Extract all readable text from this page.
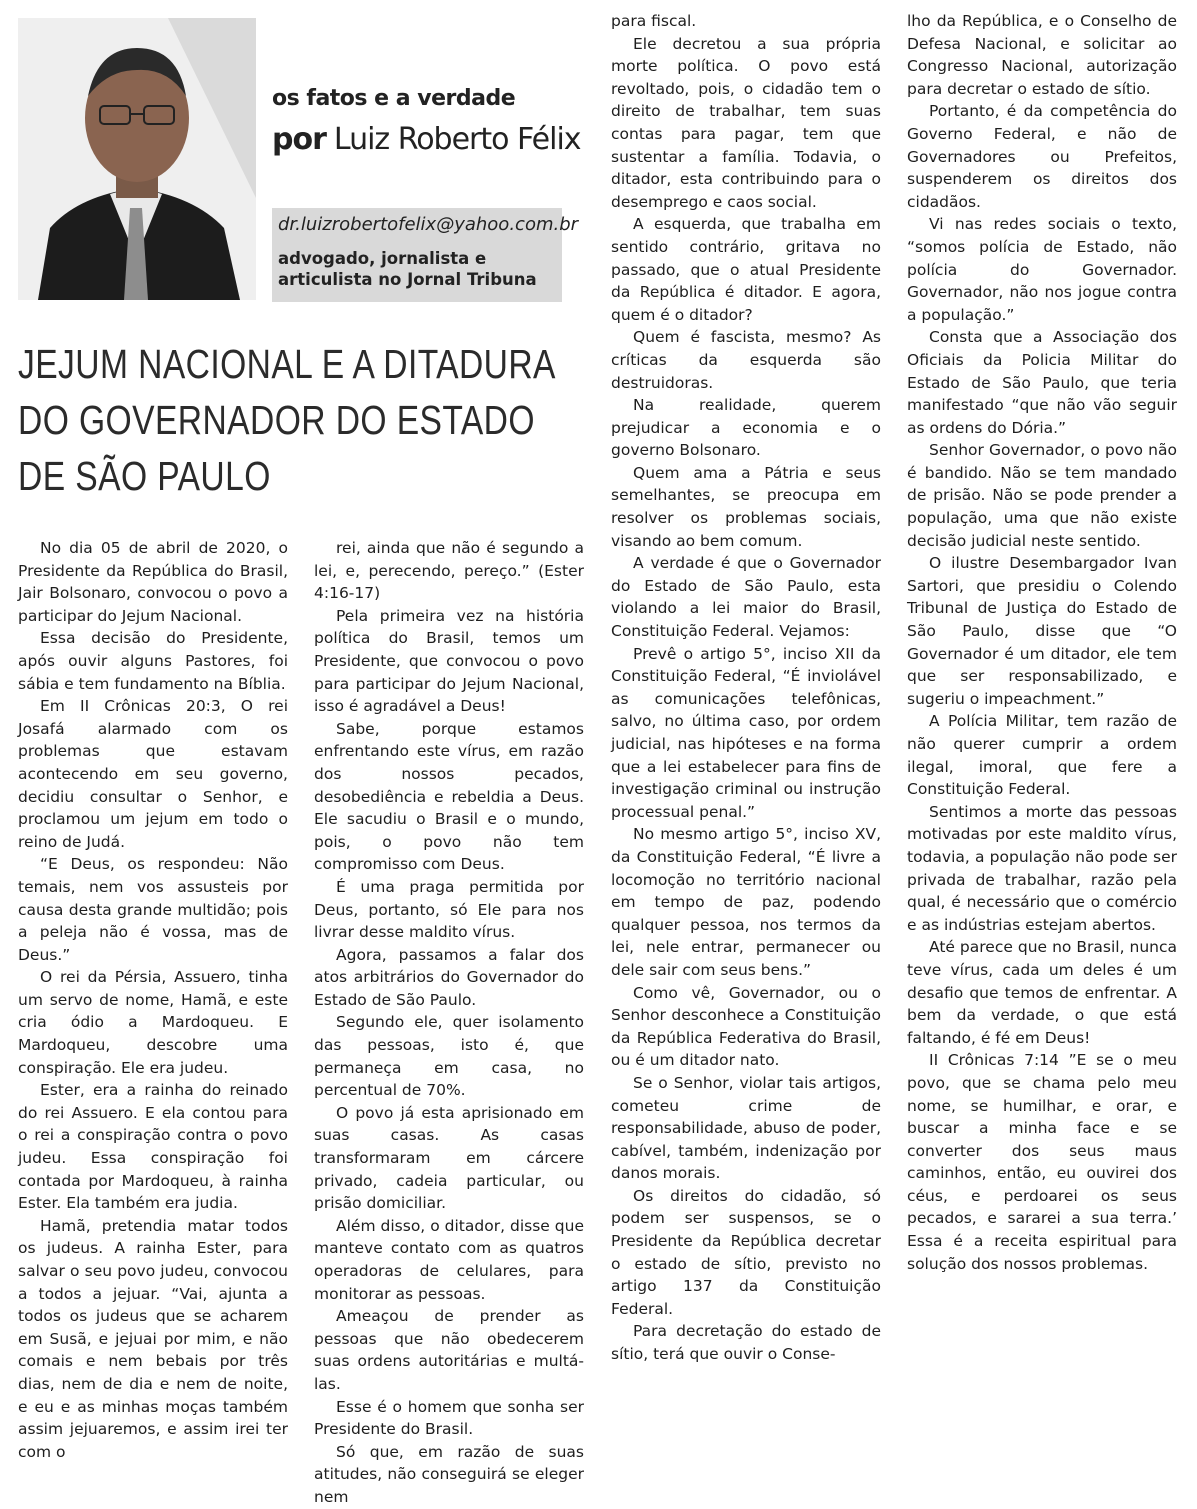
os fatos e a verdade
por Luiz Roberto Félix
dr.luizrobertofelix@yahoo.com.br
advogado, jornalista e articulista no Jornal Tribuna
JEJUM NACIONAL E A DITADURA
DO GOVERNADOR DO ESTADO
DE SÃO PAULO

No dia 05 de abril de 2020, o Presidente da República do Brasil, Jair Bolsonaro, convocou o povo a participar do Jejum Nacional.

Essa decisão do Presidente, após ouvir alguns Pastores, foi sábia e tem fundamento na Bíblia.

Em II Crônicas 20:3, O rei Josafá alarmado com os problemas que estavam acontecendo em seu governo, decidiu consultar o Senhor, e proclamou um jejum em todo o reino de Judá.

“E Deus, os respondeu: Não temais, nem vos assusteis por causa desta grande multidão; pois a peleja não é vossa, mas de Deus.”

O rei da Pérsia, Assuero, tinha um servo de nome, Hamã, e este cria ódio a Mardoqueu. E Mardoqueu, descobre uma conspiração. Ele era judeu.

Ester, era a rainha do reinado do rei Assuero. E ela contou para o rei a conspiração contra o povo judeu. Essa conspiração foi contada por Mardoqueu, à rainha Ester. Ela também era judia.

Hamã, pretendia matar todos os judeus. A rainha Ester, para salvar o seu povo judeu, convocou a todos a jejuar. “Vai, ajunta a todos os judeus que se acharem em Susã, e jejuai por mim, e não comais e nem bebais por três dias, nem de dia e nem de noite, e eu e as minhas moças também assim jejuaremos, e assim irei ter com o

rei, ainda que não é segundo a lei, e, perecendo, pereço.” (Ester 4:16-17)

Pela primeira vez na história política do Brasil, temos um Presidente, que convocou o povo para participar do Jejum Nacional, isso é agradável a Deus!

Sabe, porque estamos enfrentando este vírus, em razão dos nossos pecados, desobediência e rebeldia a Deus. Ele sacudiu o Brasil e o mundo, pois, o povo não tem compromisso com Deus.

É uma praga permitida por Deus, portanto, só Ele para nos livrar desse maldito vírus.

Agora, passamos a falar dos atos arbitrários do Governador do Estado de São Paulo.

Segundo ele, quer isolamento das pessoas, isto é, que permaneça em casa, no percentual de 70%.

O povo já esta aprisionado em suas casas. As casas transformaram em cárcere privado, cadeia particular, ou prisão domiciliar.

Além disso, o ditador, disse que manteve contato com as quatros operadoras de celulares, para monitorar as pessoas.

Ameaçou de prender as pessoas que não obedecerem suas ordens autoritárias e multá-las.

Esse é o homem que sonha ser Presidente do Brasil.

Só que, em razão de suas atitudes, não conseguirá se eleger nem

para fiscal.

Ele decretou a sua própria morte política. O povo está revoltado, pois, o cidadão tem o direito de trabalhar, tem suas contas para pagar, tem que sustentar a família. Todavia, o ditador, esta contribuindo para o desemprego e caos social.

A esquerda, que trabalha em sentido contrário, gritava no passado, que o atual Presidente da República é ditador. E agora, quem é o ditador?

Quem é fascista, mesmo? As críticas da esquerda são destruidoras.

Na realidade, querem prejudicar a economia e o governo Bolsonaro.

Quem ama a Pátria e seus semelhantes, se preocupa em resolver os problemas sociais, visando ao bem comum.

A verdade é que o Governador do Estado de São Paulo, esta violando a lei maior do Brasil, Constituição Federal. Vejamos:

Prevê o artigo 5°, inciso XII da Constituição Federal, “É inviolável as comunicações telefônicas, salvo, no última caso, por ordem judicial, nas hipóteses e na forma que a lei estabelecer para fins de investigação criminal ou instrução processual penal.”

No mesmo artigo 5°, inciso XV, da Constituição Federal, “É livre a locomoção no território nacional em tempo de paz, podendo qualquer pessoa, nos termos da lei, nele entrar, permanecer ou dele sair com seus bens.”

Como vê, Governador, ou o Senhor desconhece a Constituição da República Federativa do Brasil, ou é um ditador nato.

Se o Senhor, violar tais artigos, cometeu crime de responsabilidade, abuso de poder, cabível, também, indenização por danos morais.

Os direitos do cidadão, só podem ser suspensos, se o Presidente da República decretar o estado de sítio, previsto no artigo 137 da Constituição Federal.

Para decretação do estado de sítio, terá que ouvir o Conse-

lho da República, e o Conselho de Defesa Nacional, e solicitar ao Congresso Nacional, autorização para decretar o estado de sítio.

Portanto, é da competência do Governo Federal, e não de Governadores ou Prefeitos, suspenderem os direitos dos cidadãos.

Vi nas redes sociais o texto, “somos polícia de Estado, não polícia do Governador. Governador, não nos jogue contra a população.”

Consta que a Associação dos Oficiais da Policia Militar do Estado de São Paulo, que teria manifestado “que não vão seguir as ordens do Dória.”

Senhor Governador, o povo não é bandido. Não se tem mandado de prisão. Não se pode prender a população, uma que não existe decisão judicial neste sentido.

O ilustre Desembargador Ivan Sartori, que presidiu o Colendo Tribunal de Justiça do Estado de São Paulo, disse que “O Governador é um ditador, ele tem que ser responsabilizado, e sugeriu o impeachment.”

A Polícia Militar, tem razão de não querer cumprir a ordem ilegal, imoral, que fere a Constituição Federal.

Sentimos a morte das pessoas motivadas por este maldito vírus, todavia, a população não pode ser privada de trabalhar, razão pela qual, é necessário que o comércio e as indústrias estejam abertos.

Até parece que no Brasil, nunca teve vírus, cada um deles é um desafio que temos de enfrentar. A bem da verdade, o que está faltando, é fé em Deus!

II Crônicas 7:14 ”E se o meu povo, que se chama pelo meu nome, se humilhar, e orar, e buscar a minha face e se converter dos seus maus caminhos, então, eu ouvirei dos céus, e perdoarei os seus pecados, e sararei a sua terra.’ Essa é a receita espiritual para solução dos nossos problemas.
